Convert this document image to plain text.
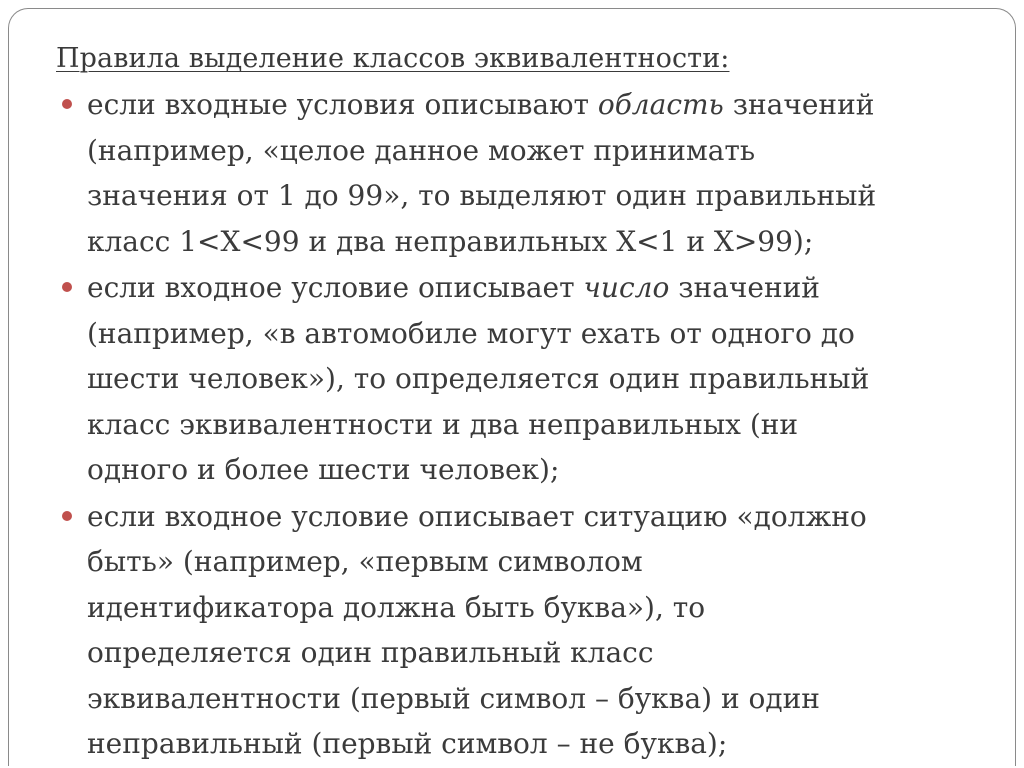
Правила выделение классов эквивалентности:
если входные условия описывают область значений
(например, «целое данное может принимать
значения от 1 до 99», то выделяют один правильный
класс 1<X<99 и два неправильных X<1 и X>99);
если входное условие описывает число значений
(например, «в автомобиле могут ехать от одного до
шести человек»), то определяется один правильный
класс эквивалентности и два неправильных (ни
одного и более шести человек);
если входное условие описывает ситуацию «должно
быть» (например, «первым символом
идентификатора должна быть буква»), то
определяется один правильный класс
эквивалентности (первый символ – буква) и один
неправильный (первый символ – не буква);
